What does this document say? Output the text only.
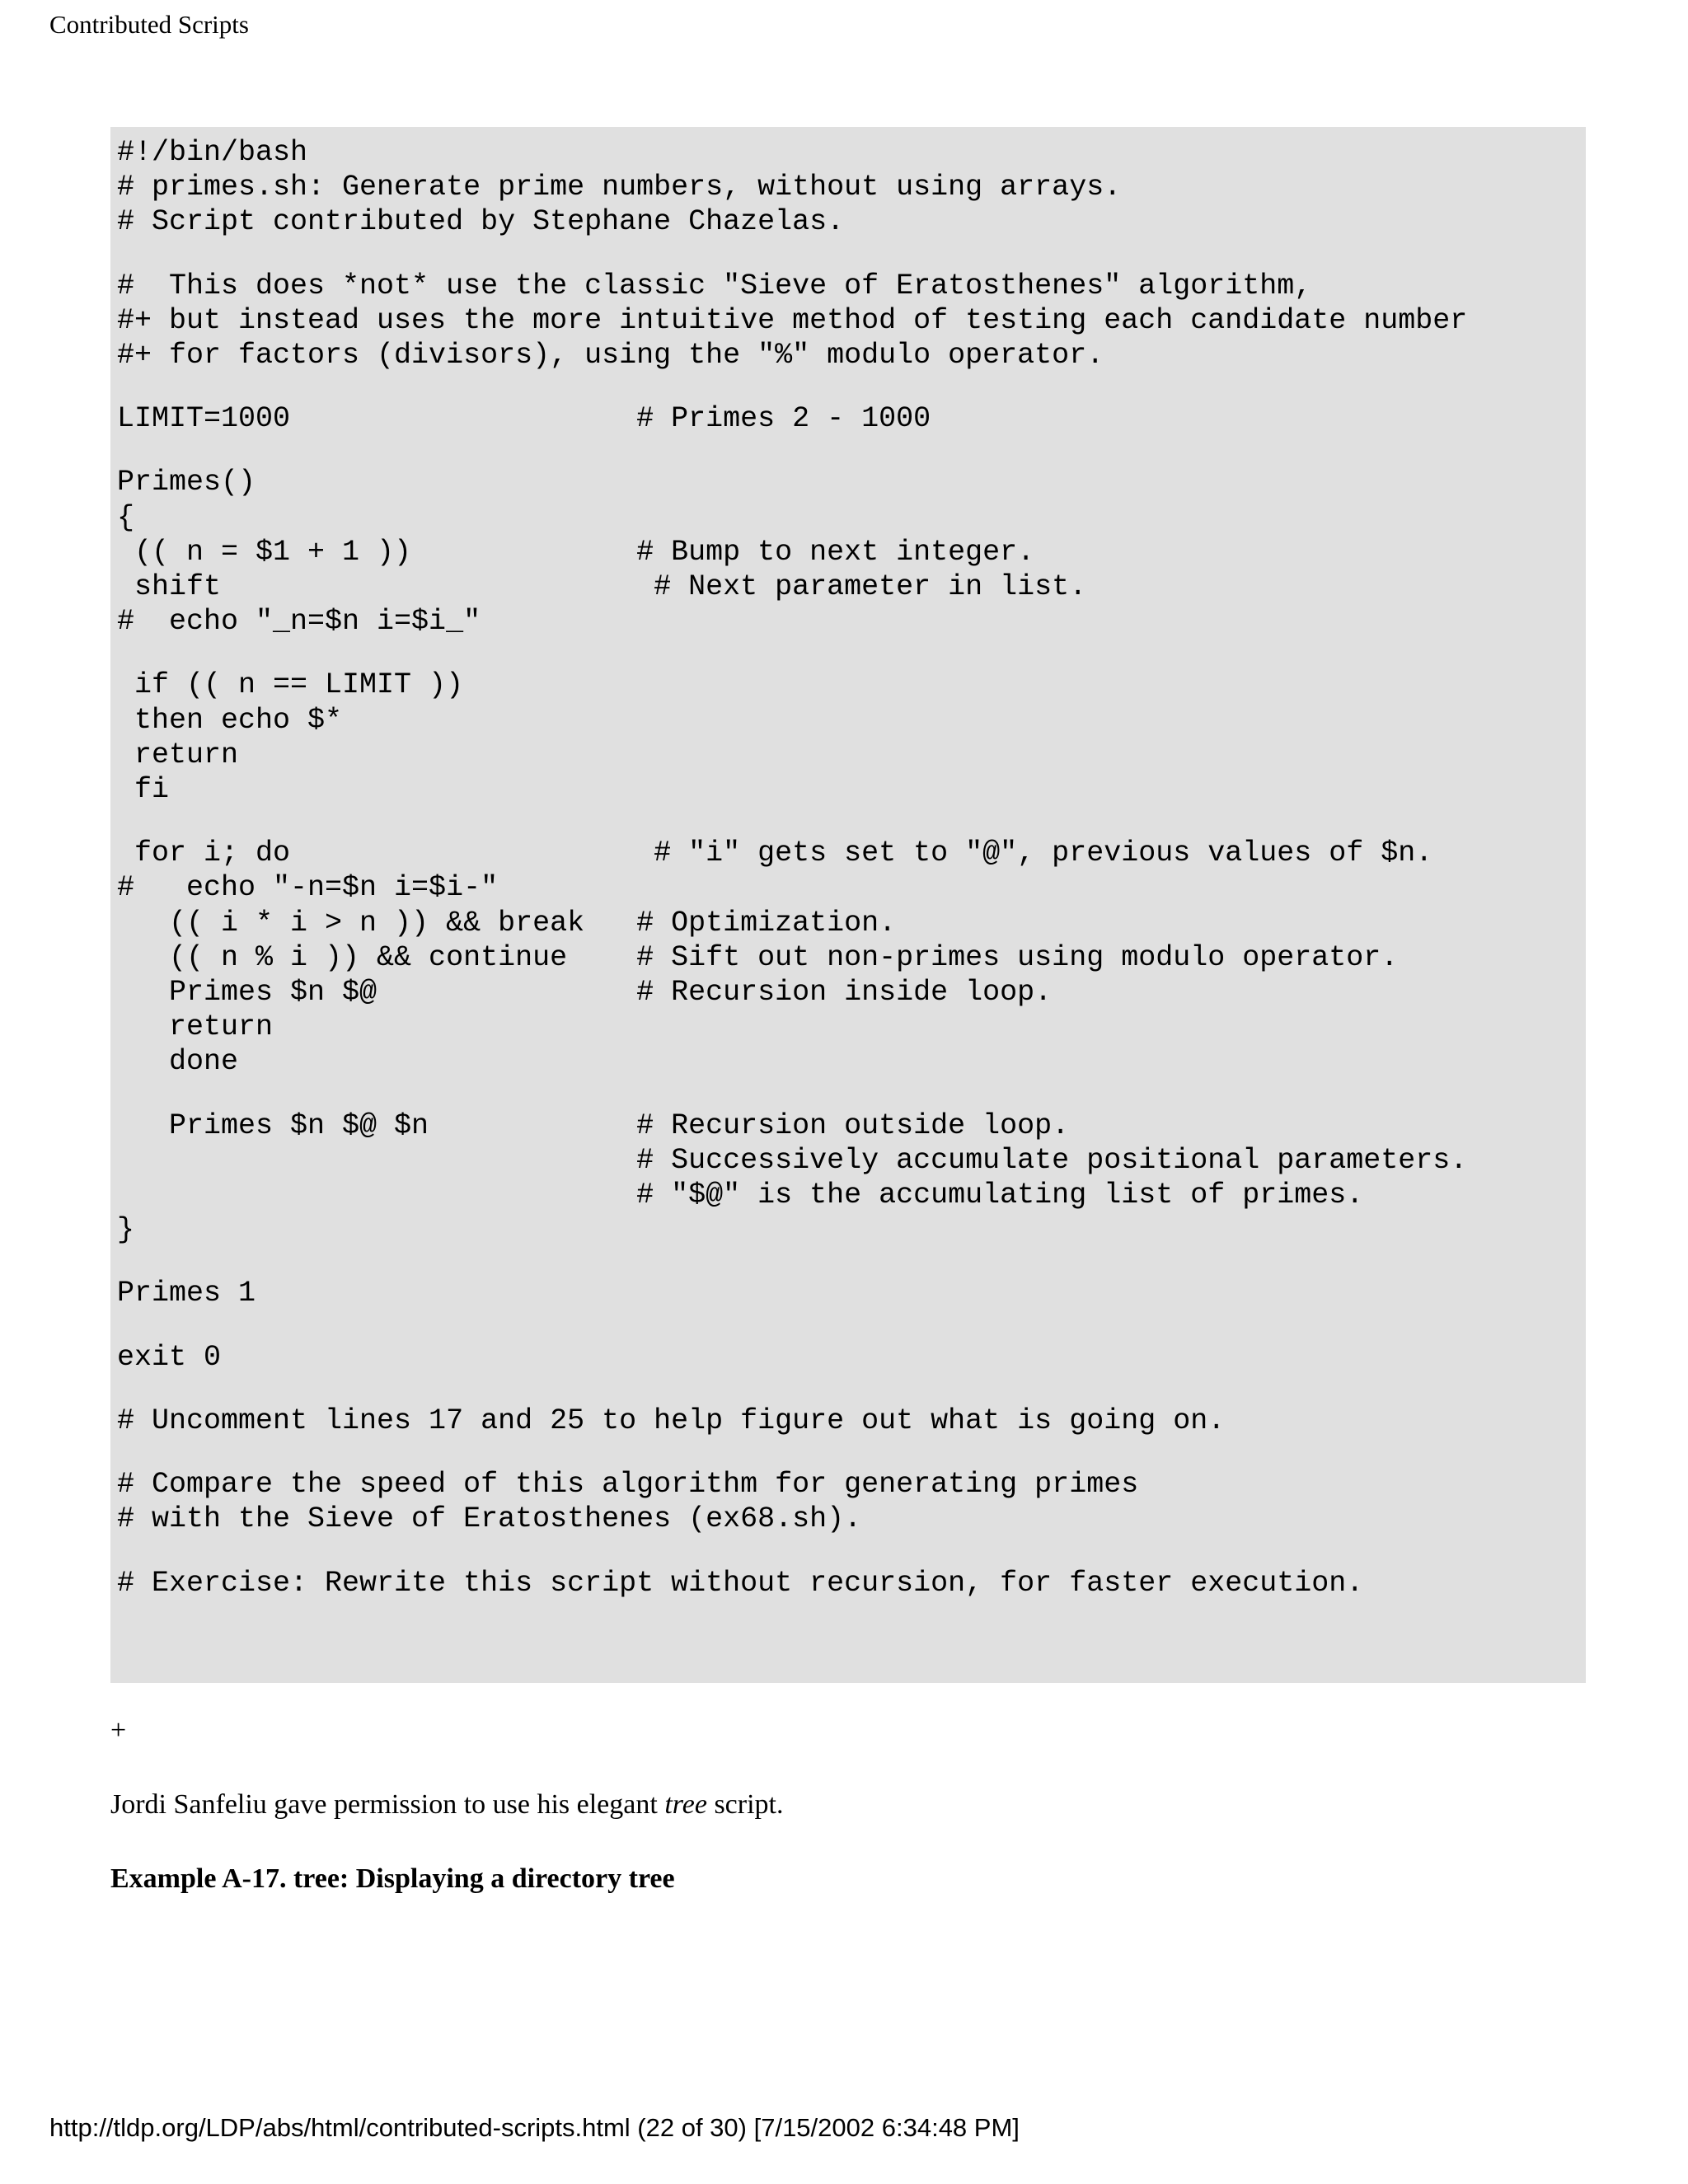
Contributed Scripts
#!/bin/bash
# primes.sh: Generate prime numbers, without using arrays.
# Script contributed by Stephane Chazelas.
#  This does *not* use the classic "Sieve of Eratosthenes" algorithm,
#+ but instead uses the more intuitive method of testing each candidate number
#+ for factors (divisors), using the "%" modulo operator.

LIMIT=1000                    # Primes 2 - 1000
Primes()
{
(( n = $1 + 1 ))             # Bump to next integer.
shift                         # Next parameter in list.
#  echo "_n=$n i=$i_"
if (( n == LIMIT ))
then echo $*
return
fi
for i; do                     # "i" gets set to "@", previous values of $n.
#   echo "-n=$n i=$i-"
(( i * i > n )) && break   # Optimization.
(( n % i )) && continue    # Sift out non-primes using modulo operator.
Primes $n $@               # Recursion inside loop.
return
done
Primes $n $@ $n            # Recursion outside loop.
# Successively accumulate positional parameters.
# "$@" is the accumulating list of primes.
}
Primes 1
exit 0
# Uncomment lines 17 and 25 to help figure out what is going on.
# Compare the speed of this algorithm for generating primes
# with the Sieve of Eratosthenes (ex68.sh).
# Exercise: Rewrite this script without recursion, for faster execution.
+
Jordi Sanfeliu gave permission to use his elegant tree script.
Example A-17. tree: Displaying a directory tree
http://tldp.org/LDP/abs/html/contributed-scripts.html (22 of 30) [7/15/2002 6:34:48 PM]
